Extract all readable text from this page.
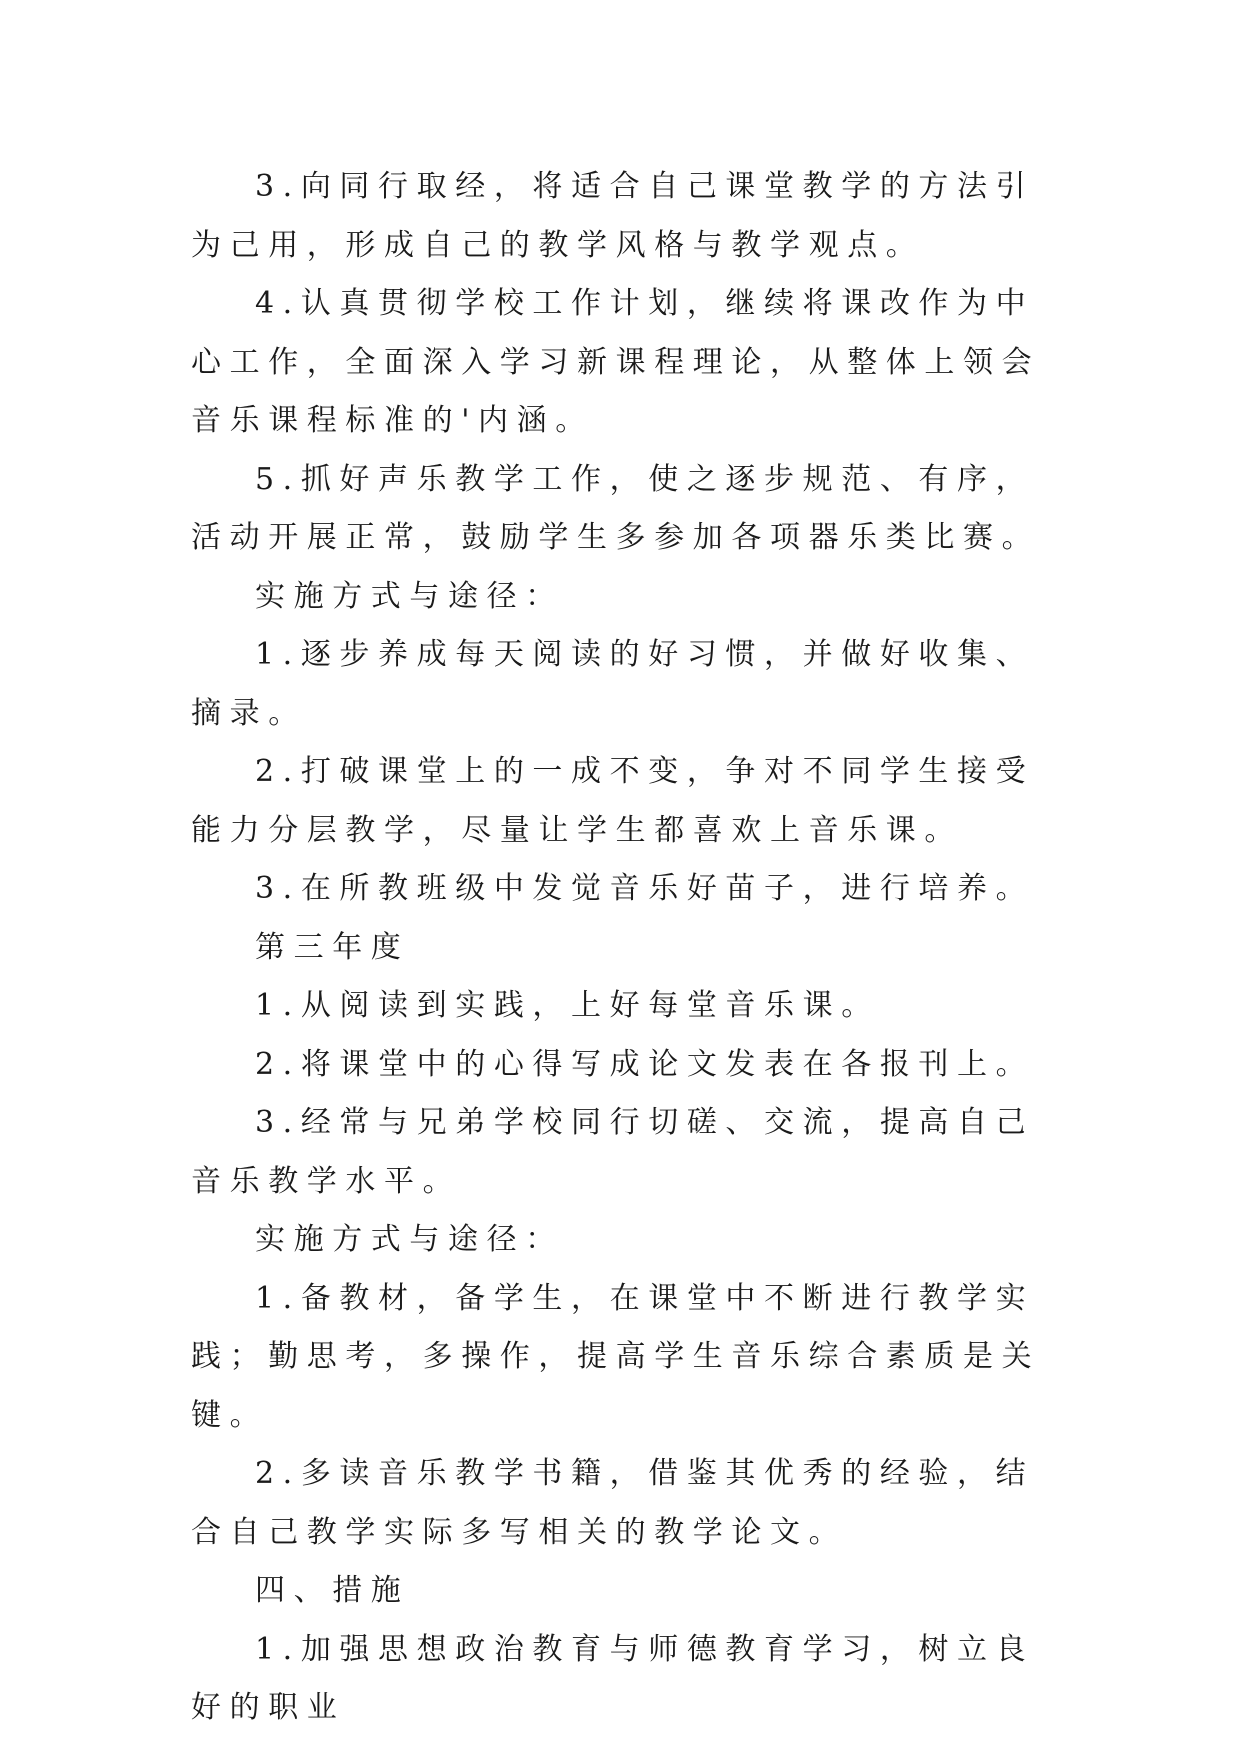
3.向同行取经，将适合自己课堂教学的方法引为己用，形成自己的教学风格与教学观点。

4.认真贯彻学校工作计划，继续将课改作为中心工作，全面深入学习新课程理论，从整体上领会音乐课程标准的'内涵。

5.抓好声乐教学工作，使之逐步规范、有序，活动开展正常，鼓励学生多参加各项器乐类比赛。

实施方式与途径：

1.逐步养成每天阅读的好习惯，并做好收集、摘录。

2.打破课堂上的一成不变，争对不同学生接受能力分层教学，尽量让学生都喜欢上音乐课。

3.在所教班级中发觉音乐好苗子，进行培养。

第三年度

1.从阅读到实践，上好每堂音乐课。

2.将课堂中的心得写成论文发表在各报刊上。

3.经常与兄弟学校同行切磋、交流，提高自己音乐教学水平。

实施方式与途径：

1.备教材，备学生，在课堂中不断进行教学实践；勤思考，多操作，提高学生音乐综合素质是关键。

2.多读音乐教学书籍，借鉴其优秀的经验，结合自己教学实际多写相关的教学论文。

四、措施

1.加强思想政治教育与师德教育学习，树立良好的职业
